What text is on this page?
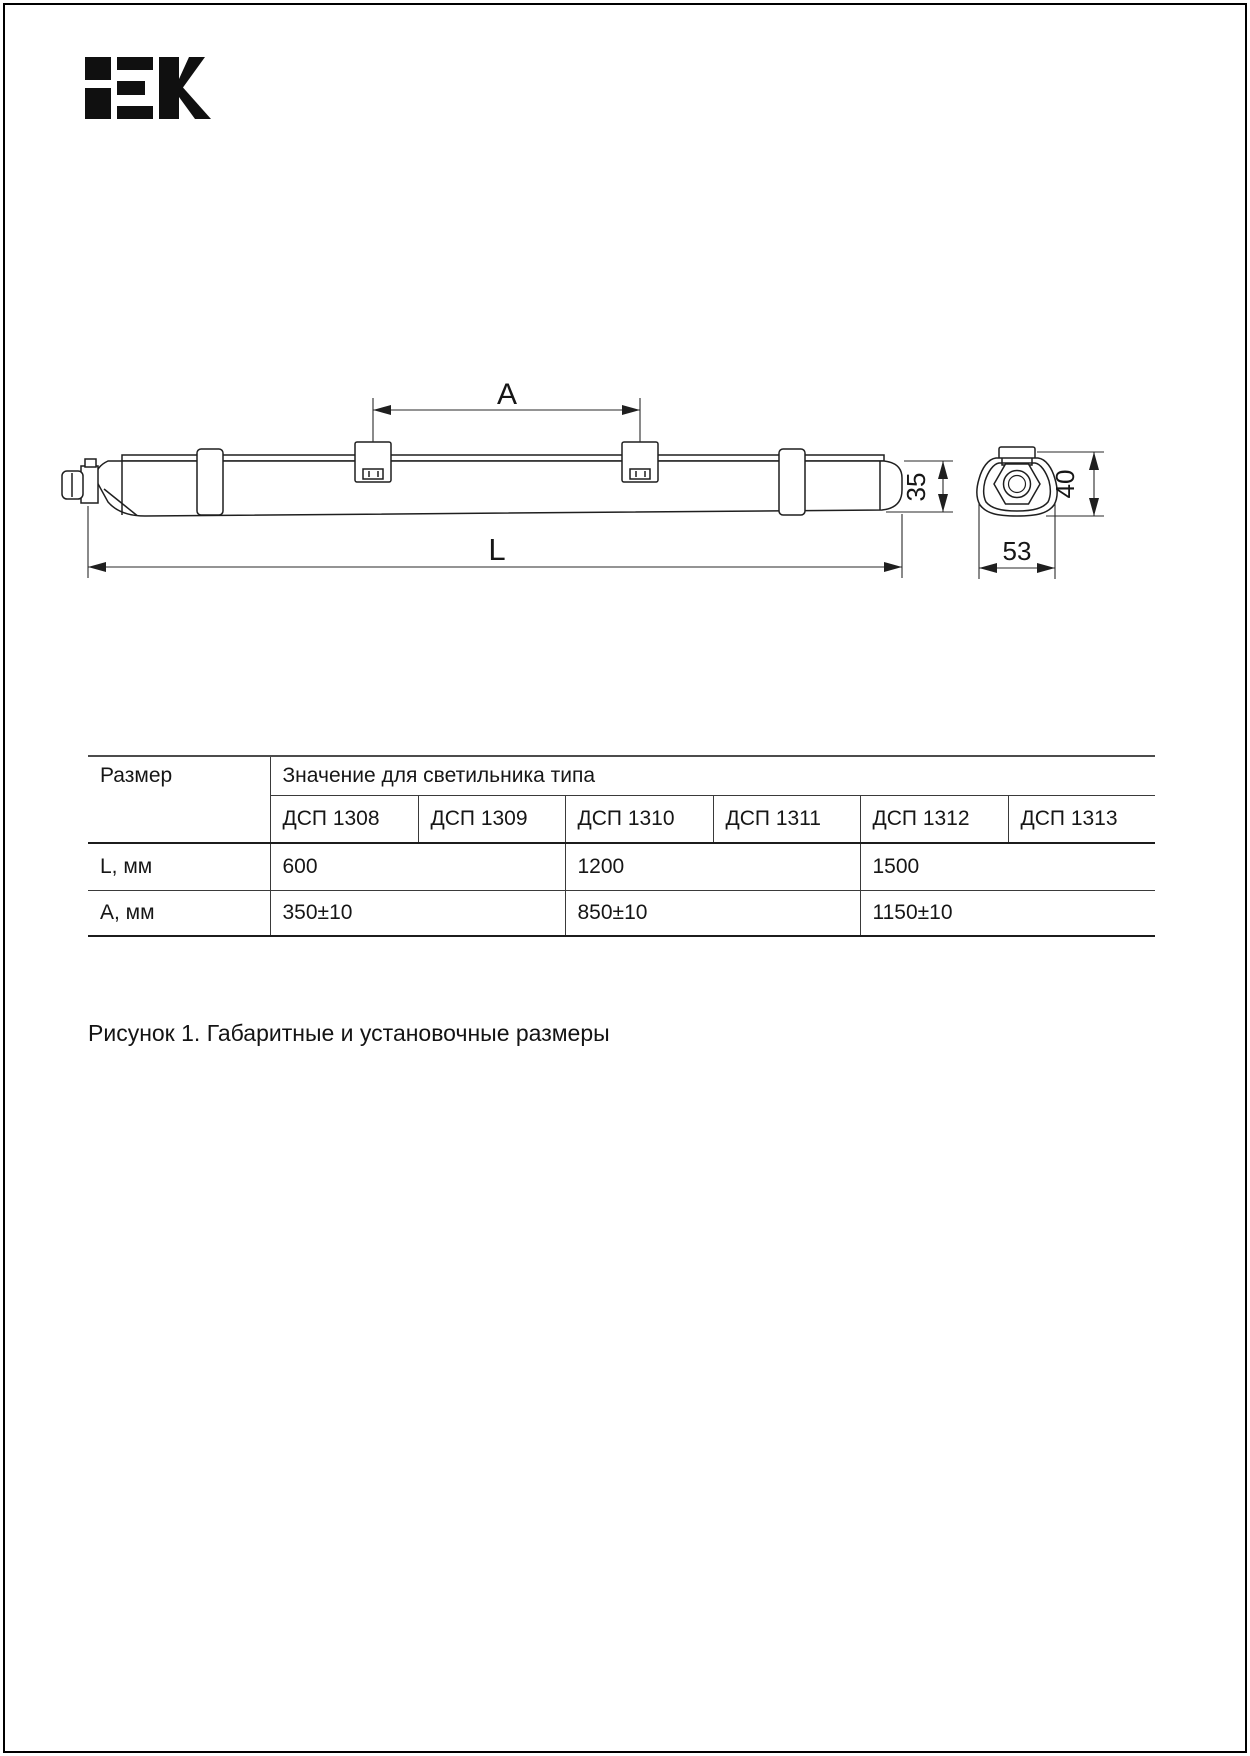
A
L
35	40
53
Размер	Значение для светильника типа					
	ДСП 1308	ДСП 1309	ДСП 1310	ДСП 1311	ДСП 1312	ДСП 1313
L, мм	600		1200		1500	
А, мм	350±10		850±10		1150±10	
Рисунок 1. Габаритные и установочные размеры
